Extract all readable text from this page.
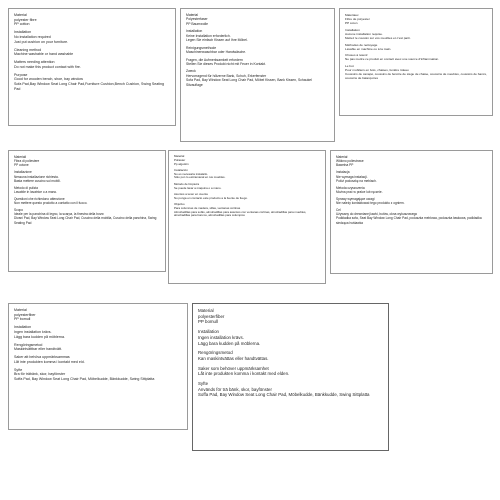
Material
polyester fibre
PP cotton
Installation
No installation required
Just put cushion on your furniture.
Cleaning method
Machine washable or hand washable
Matters needing attention
Do not make this product contact with fire.
Purpose
Good for wooden bench, shoe, bay window
Sofa Pad,Bay Window Seat Long Chair Pad,Furniture Cushion,Bench Cushion, Swing Seating Pad
Material
Polyesterfaser
PP Baumwolle
Installation
Keine Installation erforderlich.
Legen Sie einfach Kissen auf Ihre Möbel.
Reinigungsmethode
Maschinenwaschbar oder Handwäsche.
Fragen, die Aufmerksamkeit erfordern
Stellen Sie dieses Produkt nicht mit Feuer in Kontakt.
Zweck
Hervorragend für hölzerne Bank, Schuh, Erkerfenster
Sofa Pad, Bay Window Seat Long Chair Pad, Möbel Kissen, Bank Kissen, Schaukel Sitzauflage
Matériaux
Fibre de polyester
PP coton
Installation
Aucune installation requise.
Mettez le coussin sur vos meubles et c'est parti.
Méthodes de nettoyage
Lavable en machine ou à la main.
Choses à retenir
Ne pas mettre ce produit en contact avec une source d'inflammation.
Le but
Pour mobiliers en bois, chaises, fenêtre rideau
Coussins de canapé, coussins de fenêtre de siège de chaise, coussins de meubles, coussins de bancs, coussins de balançoires
Materiali
Fibra di poliestere
PP cotone
Installazione
Nessuna installazione richiesta.
Basta mettere cuscino sul mobili.
Metodo di pulizia
Lavabile in lavatrice o a mano.
Questioni che richiedono attenzione
Non mettere questo prodotto a contatto con il fuoco.
Scopo
Ideale per la panchina di legno, la scarpa, la finestra della bovw
Divani Pad, Bay Window Seat Long Chair Pad, Cuscino della mobilia, Cuscino della panchina, Swing Seating Pad
Material
Poliéster
Pp algodón
Instalación
No es necesaria instalarlo.
Sólo pon lo estiramanal en tus muebles.
Método de limpieza
Se puede lavar a máquina o a mano.
Asuntos a tener en cuenta
No ponga en contacto este producto a la fuente de fuego.
Objetivo
Para columnas de madera, sillas, ventanas cortinas
Almohadillas para sofás, almohadillas para asientos con ventanas cortinas, almohadillas para muebles, almohadillas para bancos, almohadillas para columpios
Materiał
Włókno poliestrowe
Bawełna PP
Instalacja
Nie wymaga instalacji.
Połóż poduszkę na meblach.
Metoda czyszczenia
Można prać w pralce lub ręcznie.
Sprawy wymagające uwagi
Nie należy kontaktować tego produktu z ogniem.
Cel
Używany do drewnianej ławki, butów, okna wykuszowego
Podkładka sofa, Seat Bay Window Long Chair Pad, poduszka meblowa, poduszka ławkowa, podkładka siedząca huśtawka
Material
polyesterfiber
PP bomull
Installation
Ingen installation krävs.
Lägg bara kudden på möblerna.
Rengöringsmetod
Maskintvättbar eller handtvätt.
Saker att behöva uppmärksammas
Låt inte produkten komma i kontakt med eld.
Syfte
Bra för träbänk, skor, bayfönster
Soffa Pad, Bay Window Seat Long Chair Pad, Möbelkudde, Bänkkudde, Swing Sittplatta
Material
polyesterfiber
PP bomull
Installation
Ingen installation krävs.
Lägg bara kudden på möblerna.
Rengöringsmetod
Kan maskintvättas eller handtvättas.
Saker som behöver uppmärksamhet
Låt inte produkten komma i kontakt med elden.
Syfte
Används för trä bänk, skor, bayfönster
Soffa Pad, Bay Window Seat Long Chair Pad, Möbelkudde, Bänkkudde, Swing Sittplatta
